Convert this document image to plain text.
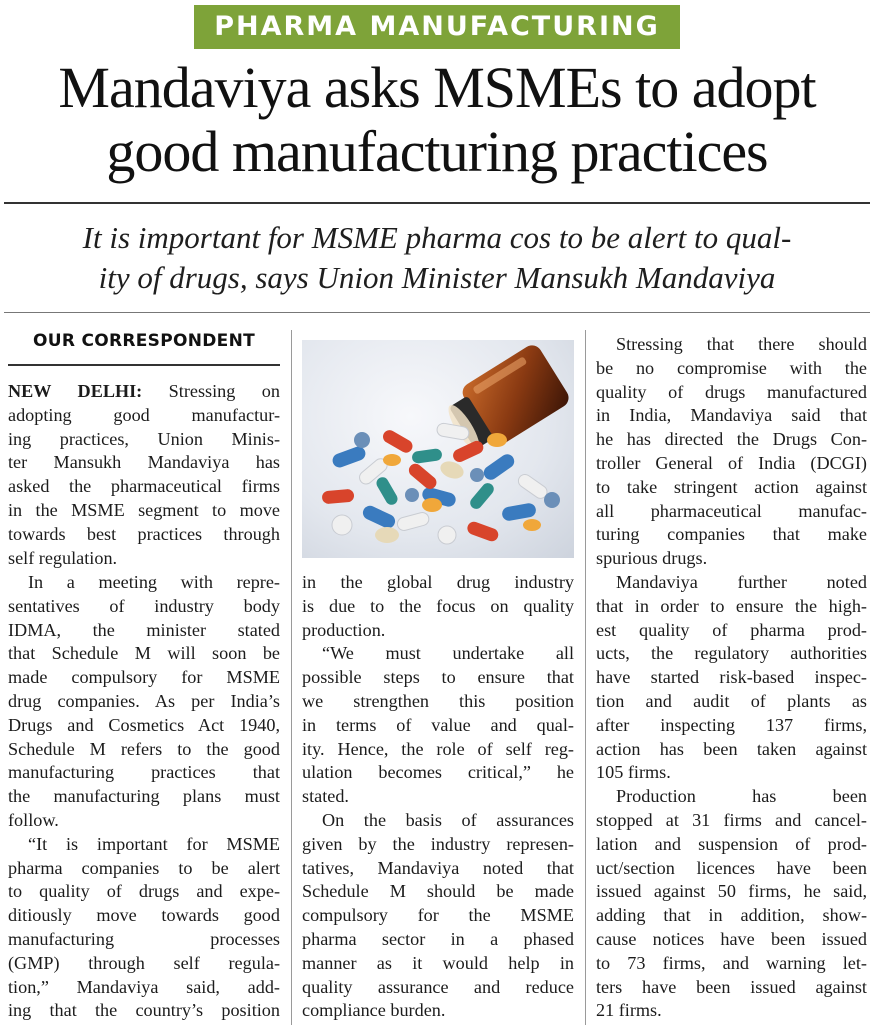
PHARMA MANUFACTURING
Mandaviya asks MSMEs to adopt
good manufacturing practices
It is important for MSME pharma cos to be alert to qual-
ity of drugs, says Union Minister Mansukh Mandaviya
OUR CORRESPONDENT
NEW DELHI: Stressing on
adopting good manufactur-
ing practices, Union Minis-
ter Mansukh Mandaviya has
asked the pharmaceutical firms
in the MSME segment to move
towards best practices through
self regulation.
In a meeting with repre-
sentatives of industry body
IDMA, the minister stated
that Schedule M will soon be
made compulsory for MSME
drug companies. As per India’s
Drugs and Cosmetics Act 1940,
Schedule M refers to the good
manufacturing practices that
the manufacturing plans must
follow.
“It is important for MSME
pharma companies to be alert
to quality of drugs and expe-
ditiously move towards good
manufacturing processes
(GMP) through self regula-
tion,” Mandaviya said, add-
ing that the country’s position
in the global drug industry
is due to the focus on quality
production.
“We must undertake all
possible steps to ensure that
we strengthen this position
in terms of value and qual-
ity. Hence, the role of self reg-
ulation becomes critical,” he
stated.
On the basis of assurances
given by the industry represen-
tatives, Mandaviya noted that
Schedule M should be made
compulsory for the MSME
pharma sector in a phased
manner as it would help in
quality assurance and reduce
compliance burden.
Stressing that there should
be no compromise with the
quality of drugs manufactured
in India, Mandaviya said that
he has directed the Drugs Con-
troller General of India (DCGI)
to take stringent action against
all pharmaceutical manufac-
turing companies that make
spurious drugs.
Mandaviya further noted
that in order to ensure the high-
est quality of pharma prod-
ucts, the regulatory authorities
have started risk-based inspec-
tion and audit of plants as
after inspecting 137 firms,
action has been taken against
105 firms.
Production has been
stopped at 31 firms and cancel-
lation and suspension of prod-
uct/section licences have been
issued against 50 firms, he said,
adding that in addition, show-
cause notices have been issued
to 73 firms, and warning let-
ters have been issued against
21 firms.
